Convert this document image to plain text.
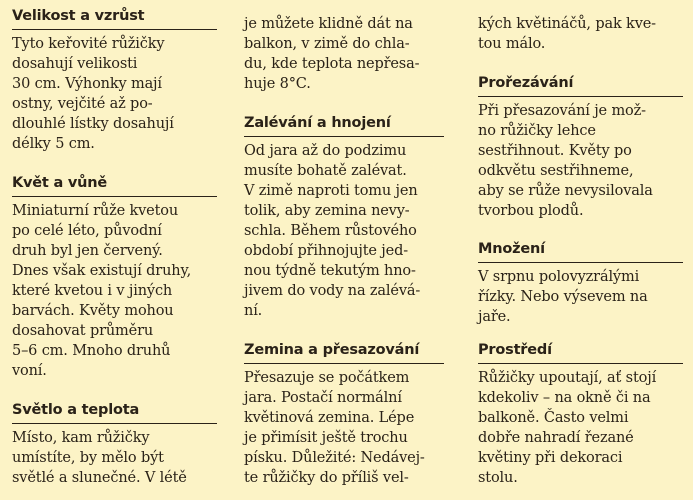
Velikost a vzrůst
Tyto keřovité růžičky
dosahují velikosti
30 cm. Výhonky mají
ostny, vejčité až po-
dlouhlé lístky dosahují
délky 5 cm.
Květ a vůně
Miniaturní růže kvetou
po celé léto, původní
druh byl jen červený.
Dnes však existují druhy,
které kvetou i v jiných
barvách. Květy mohou
dosahovat průměru
5–6 cm. Mnoho druhů
voní.
Světlo a teplota
Místo, kam růžičky
umístíte, by mělo být
světlé a slunečné. V létě
je můžete klidně dát na
balkon, v zimě do chla-
du, kde teplota nepřesa-
huje 8°C.
Zalévání a hnojení
Od jara až do podzimu
musíte bohatě zalévat.
V zimě naproti tomu jen
tolik, aby zemina nevy-
schla. Během růstového
období přihnojujte jed-
nou týdně tekutým hno-
jivem do vody na zalévá-
ní.
Zemina a přesazování
Přesazuje se počátkem
jara. Postačí normální
květinová zemina. Lépe
je přimísit ještě trochu
písku. Důležité: Nedávej-
te růžičky do příliš vel-
kých květináčů, pak kve-
tou málo.
Prořezávání
Při přesazování je mož-
no růžičky lehce
sestřihnout. Květy po
odkvětu sestřihneme,
aby se růže nevysilovala
tvorbou plodů.
Množení
V srpnu polovyzrálými
řízky. Nebo výsevem na
jaře.
Prostředí
Růžičky upoutají, ať stojí
kdekoliv – na okně či na
balkoně. Často velmi
dobře nahradí řezané
květiny při dekoraci
stolu.
